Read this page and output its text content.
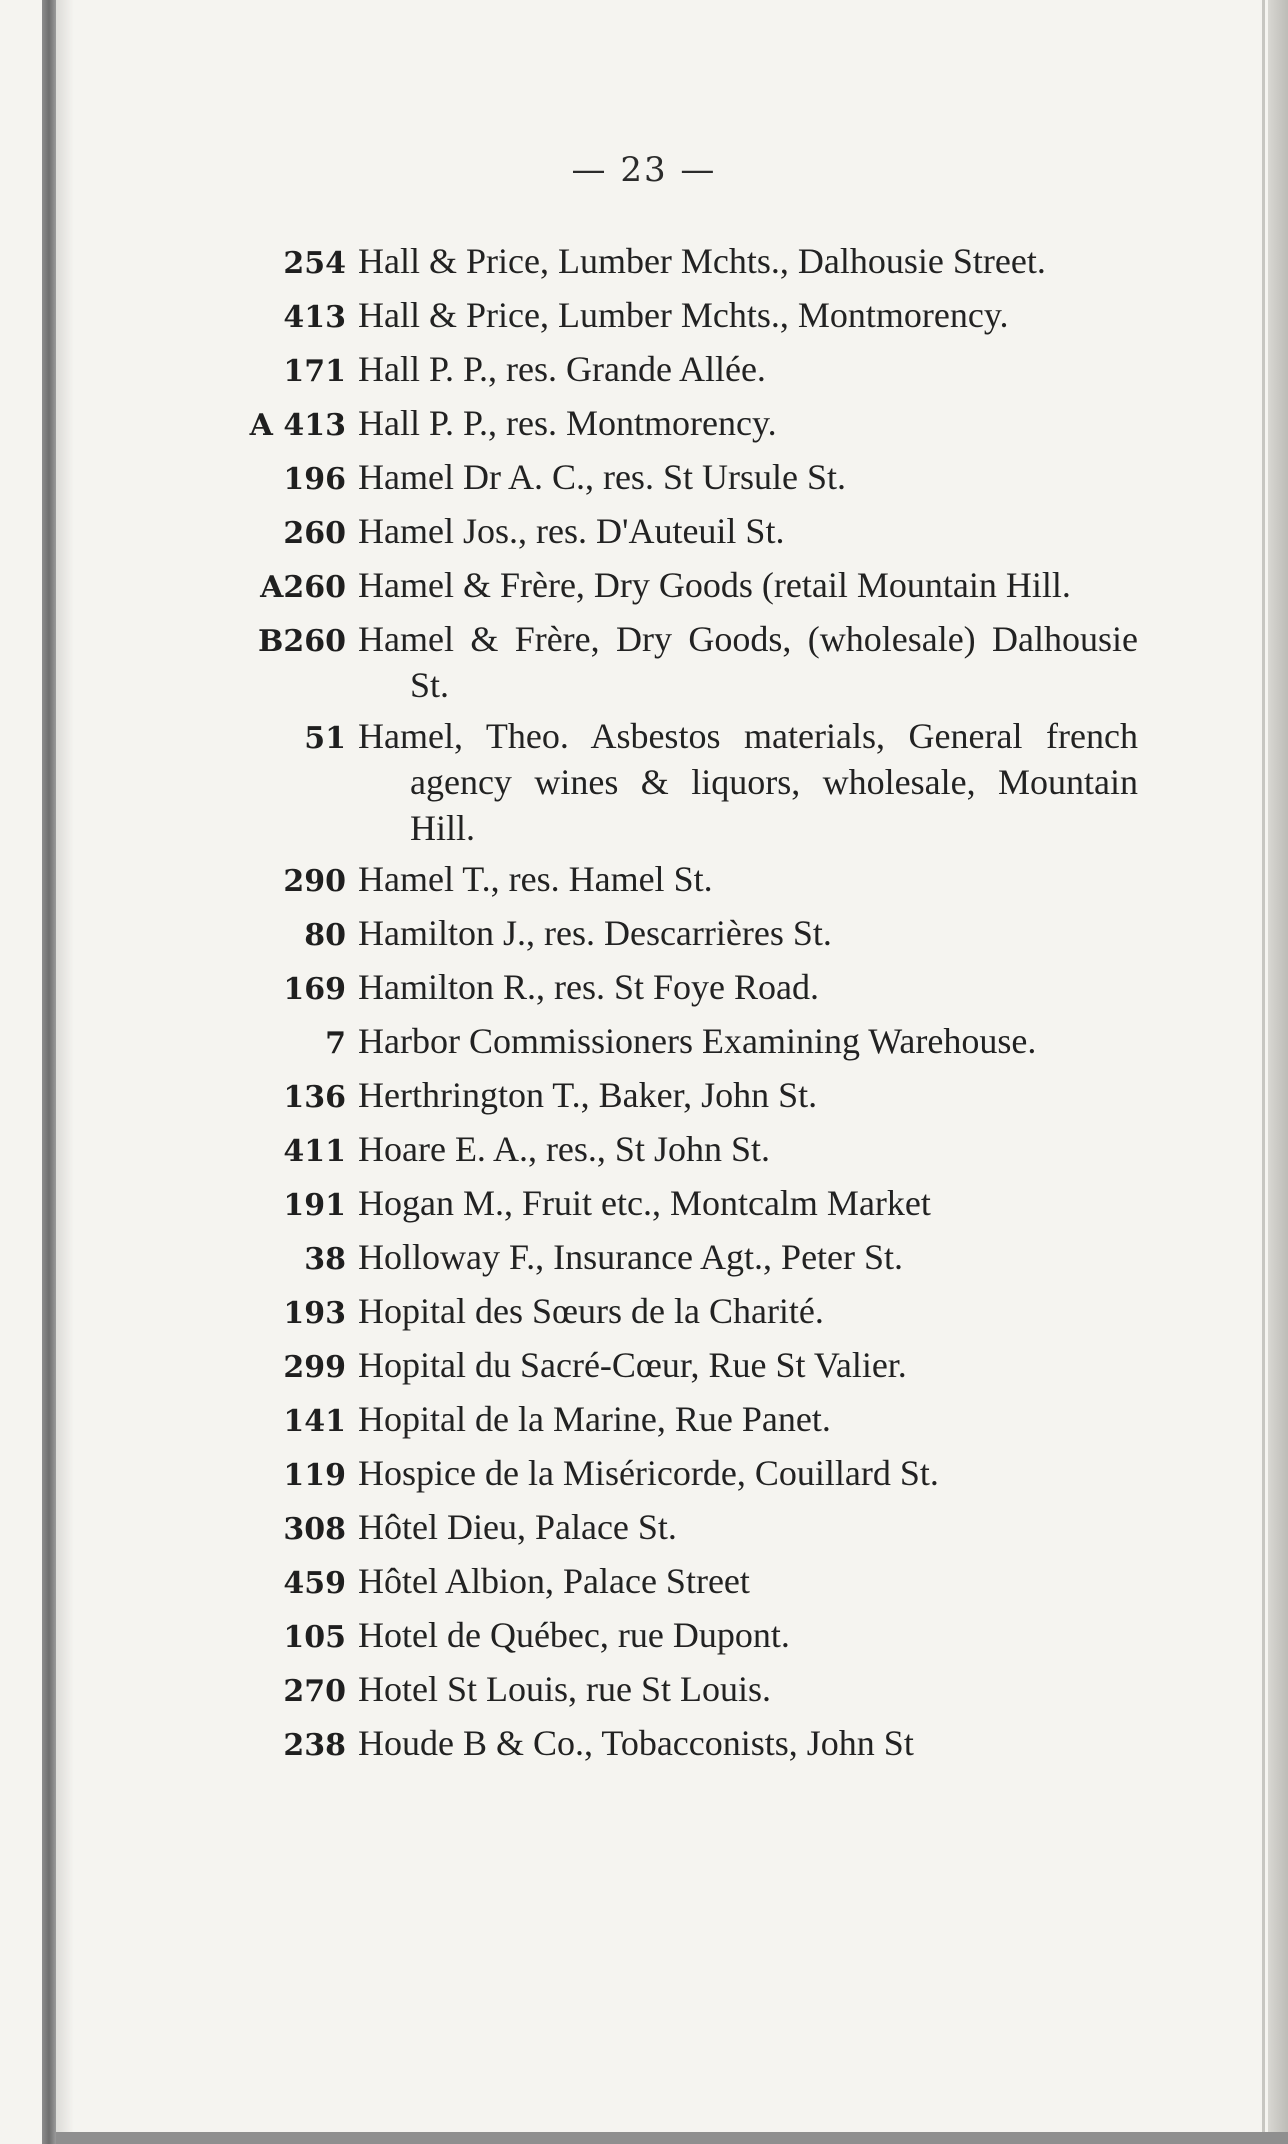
— 23 —
254 Hall & Price, Lumber Mchts., Dalhousie Street.
413 Hall & Price, Lumber Mchts., Montmorency.
171 Hall P. P., res. Grande Allée.
A 413 Hall P. P., res. Montmorency.
196 Hamel Dr A. C., res. St Ursule St.
260 Hamel Jos., res. D'Auteuil St.
A260 Hamel & Frère, Dry Goods (retail Mountain Hill.
B260 Hamel & Frère, Dry Goods, (wholesale) Dalhousie St.
51 Hamel, Theo. Asbestos materials, General french agency wines & liquors, wholesale, Mountain Hill.
290 Hamel T., res. Hamel St.
80 Hamilton J., res. Descarrières St.
169 Hamilton R., res. St Foye Road.
7 Harbor Commissioners Examining Warehouse.
136 Herthrington T., Baker, John St.
411 Hoare E. A., res., St John St.
191 Hogan M., Fruit etc., Montcalm Market
38 Holloway F., Insurance Agt., Peter St.
193 Hopital des Sœurs de la Charité.
299 Hopital du Sacré-Cœur, Rue St Valier.
141 Hopital de la Marine, Rue Panet.
119 Hospice de la Miséricorde, Couillard St.
308 Hôtel Dieu, Palace St.
459 Hôtel Albion, Palace Street
105 Hotel de Québec, rue Dupont.
270 Hotel St Louis, rue St Louis.
238 Houde B & Co., Tobacconists, John St
